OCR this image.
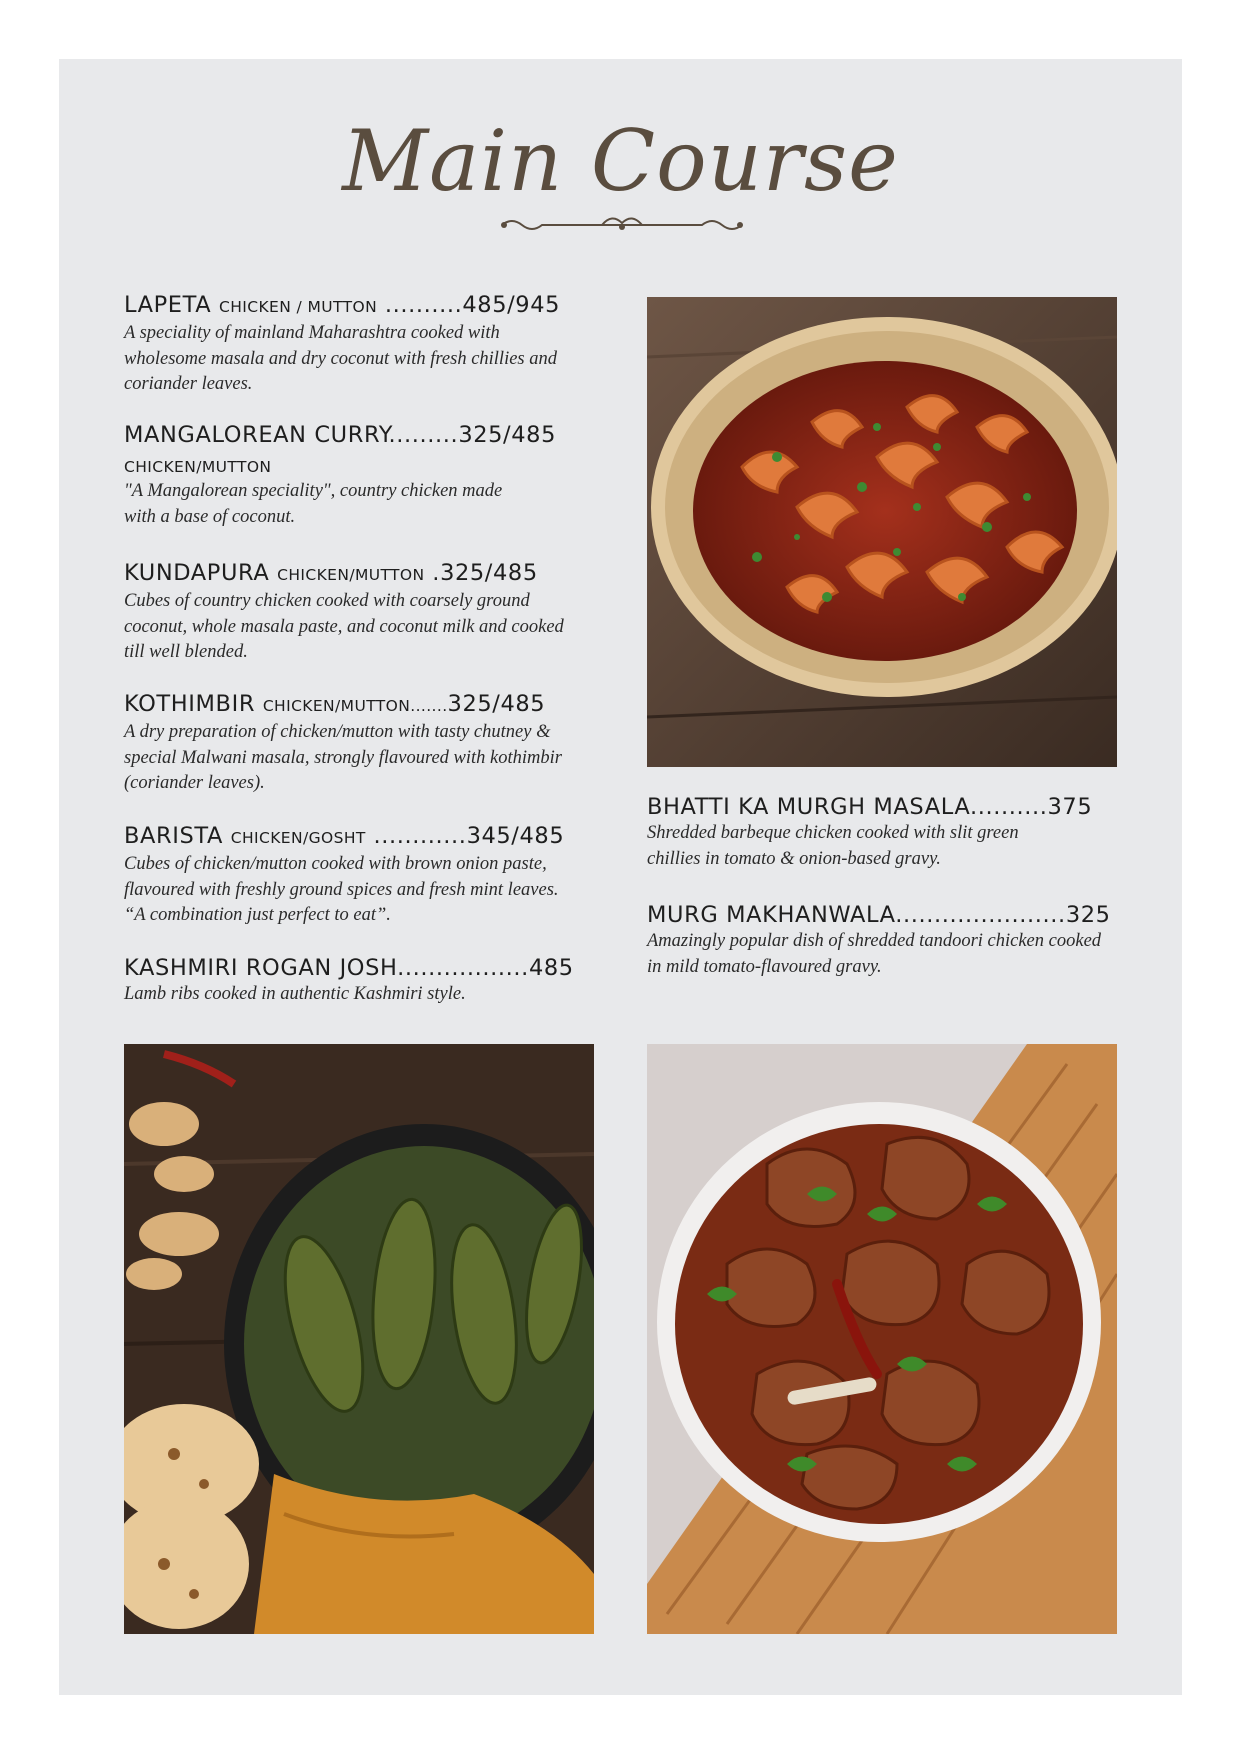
Main Course
LAPETA CHICKEN / MUTTON ..........485/945

A speciality of mainland Maharashtra cooked with wholesome masala and dry coconut with fresh chillies and coriander leaves.

MANGALOREAN CURRY.........325/485
CHICKEN/MUTTON

"A Mangalorean speciality", country chicken made with a base of coconut.

KUNDAPURA CHICKEN/MUTTON .325/485

Cubes of country chicken cooked with coarsely ground coconut, whole masala paste, and coconut milk and cooked till well blended.

KOTHIMBIR CHICKEN/MUTTON.......325/485

A dry preparation of chicken/mutton with tasty chutney & special Malwani masala, strongly flavoured with kothimbir (coriander leaves).

BARISTA CHICKEN/GOSHT ............345/485

Cubes of chicken/mutton cooked with brown onion paste, flavoured with freshly ground spices and fresh mint leaves. “A combination just perfect to eat”.

KASHMIRI ROGAN JOSH.................485

Lamb ribs cooked in authentic Kashmiri style.

BHATTI KA MURGH MASALA..........375

Shredded barbeque chicken cooked with slit green chillies in tomato & onion-based gravy.

MURG MAKHANWALA......................325

Amazingly popular dish of shredded tandoori chicken cooked in mild tomato-flavoured gravy.
